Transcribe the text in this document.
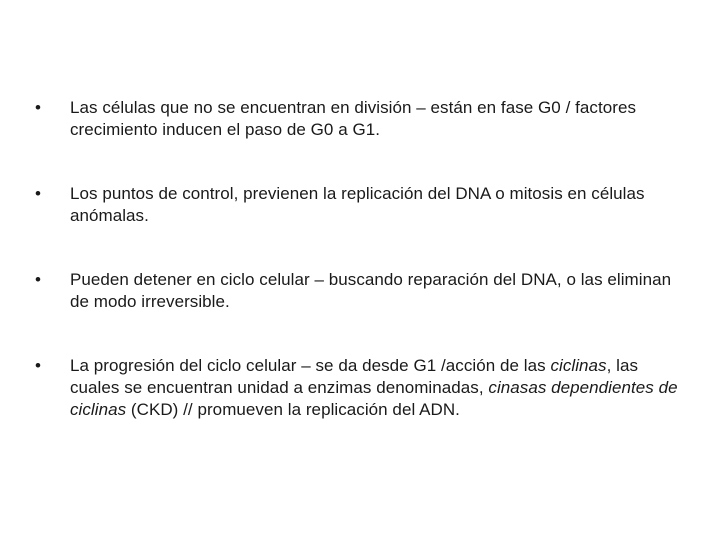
• Las células que no se encuentran en división – están en fase G0 / factores crecimiento inducen el paso de G0 a G1.
• Los puntos de control, previenen la replicación del DNA o mitosis en células anómalas.
• Pueden detener en ciclo celular – buscando reparación del DNA, o las eliminan de modo irreversible.
• La progresión del ciclo celular – se da desde G1 /acción de las ciclinas, las cuales se encuentran unidad a enzimas denominadas, cinasas dependientes de ciclinas (CKD) // promueven la replicación del ADN.
